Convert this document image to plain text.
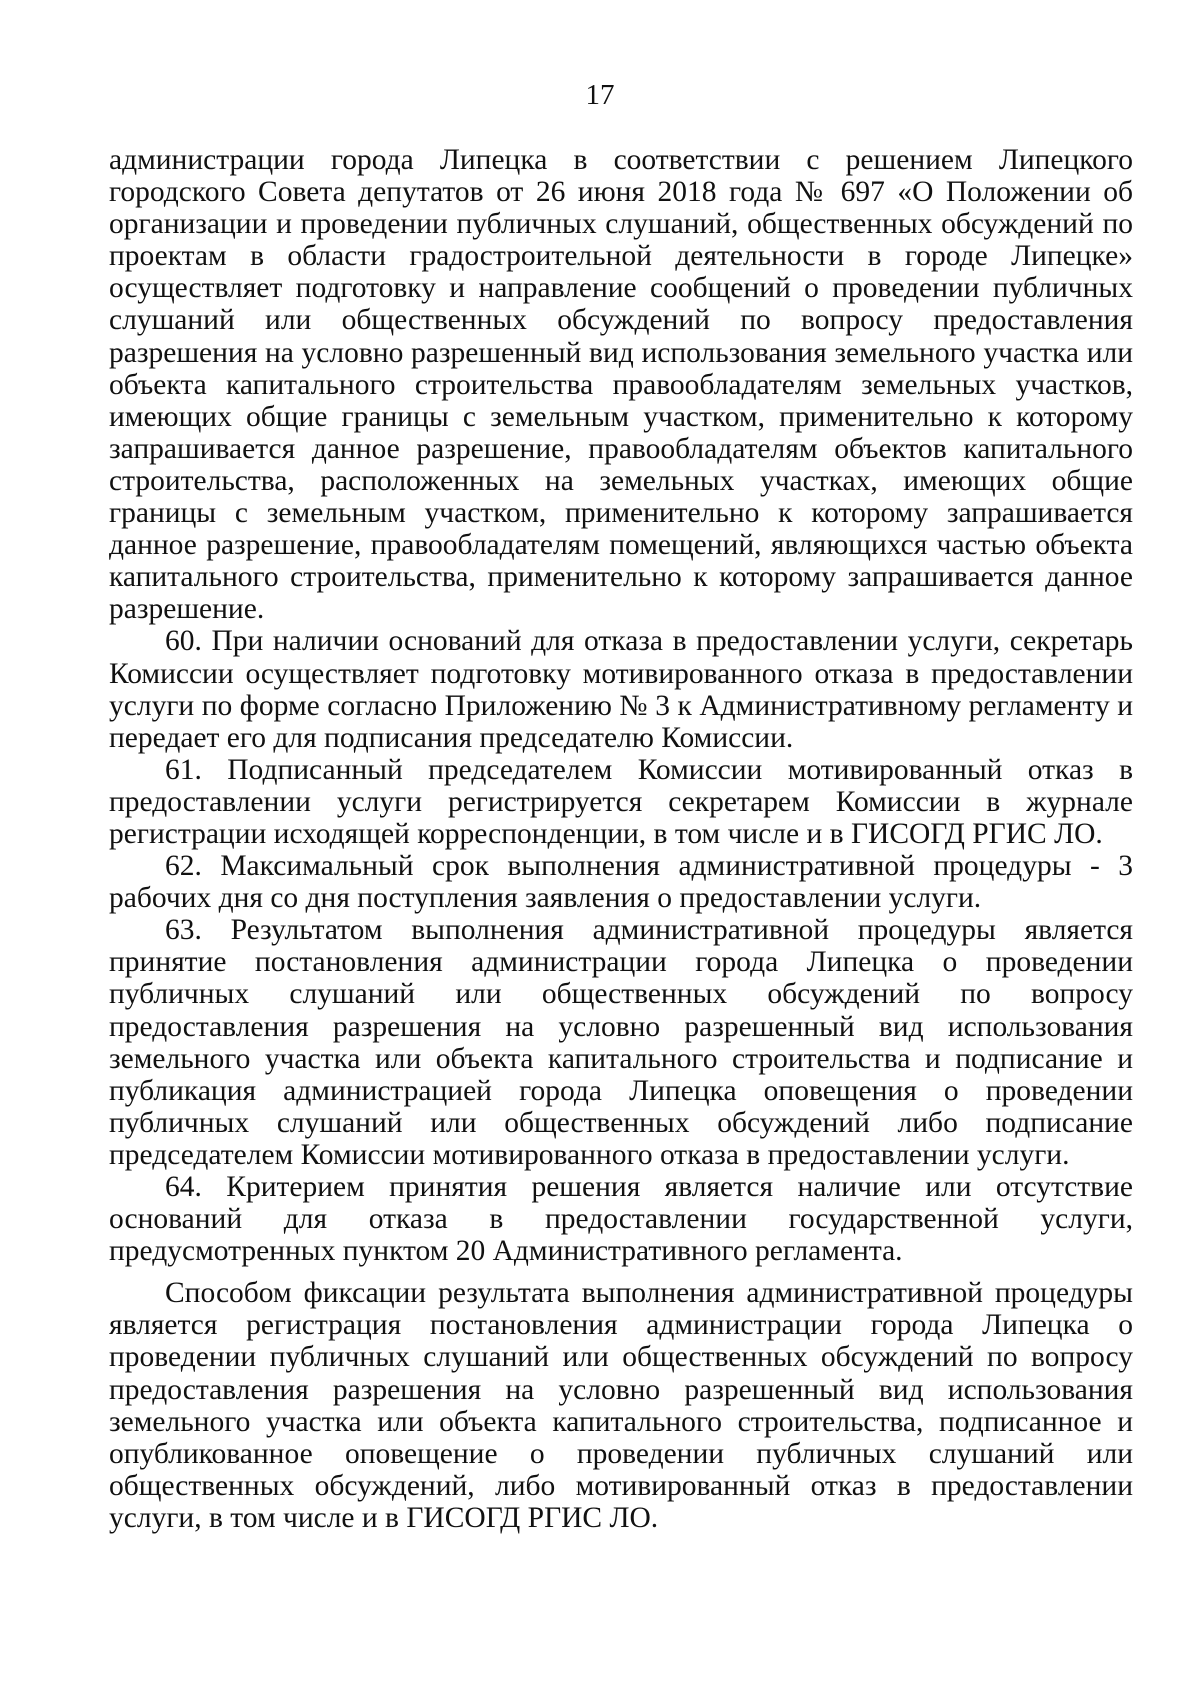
17

администрации города Липецка в соответствии с решением Липецкого городского Совета депутатов от 26 июня 2018 года № 697 «О Положении об организации и проведении публичных слушаний, общественных обсуждений по проектам в области градостроительной деятельности в городе Липецке» осуществляет подготовку и направление сообщений о проведении публичных слушаний или общественных обсуждений по вопросу предоставления разрешения на условно разрешенный вид использования земельного участка или объекта капитального строительства правообладателям земельных участков, имеющих общие границы с земельным участком, применительно к которому запрашивается данное разрешение, правообладателям объектов капитального строительства, расположенных на земельных участках, имеющих общие границы с земельным участком, применительно к которому запрашивается данное разрешение, правообладателям помещений, являющихся частью объекта капитального строительства, применительно к которому запрашивается данное разрешение.

60. При наличии оснований для отказа в предоставлении услуги, секретарь Комиссии осуществляет подготовку мотивированного отказа в предоставлении услуги по форме согласно Приложению № 3 к Административному регламенту и передает его для подписания председателю Комиссии.

61. Подписанный председателем Комиссии мотивированный отказ в предоставлении услуги регистрируется секретарем Комиссии в журнале регистрации исходящей корреспонденции, в том числе и в ГИСОГД РГИС ЛО.

62. Максимальный срок выполнения административной процедуры - 3 рабочих дня со дня поступления заявления о предоставлении услуги.

63. Результатом выполнения административной процедуры является принятие постановления администрации города Липецка о проведении публичных слушаний или общественных обсуждений по вопросу предоставления разрешения на условно разрешенный вид использования земельного участка или объекта капитального строительства и подписание и публикация администрацией города Липецка оповещения о проведении публичных слушаний или общественных обсуждений либо подписание председателем Комиссии мотивированного отказа в предоставлении услуги.

64. Критерием принятия решения является наличие или отсутствие оснований для отказа в предоставлении государственной услуги, предусмотренных пунктом 20 Административного регламента.

Способом фиксации результата выполнения административной процедуры является регистрация постановления администрации города Липецка о проведении публичных слушаний или общественных обсуждений по вопросу предоставления разрешения на условно разрешенный вид использования земельного участка или объекта капитального строительства, подписанное и опубликованное оповещение о проведении публичных слушаний или общественных обсуждений, либо мотивированный отказ в предоставлении услуги, в том числе и в ГИСОГД РГИС ЛО.
